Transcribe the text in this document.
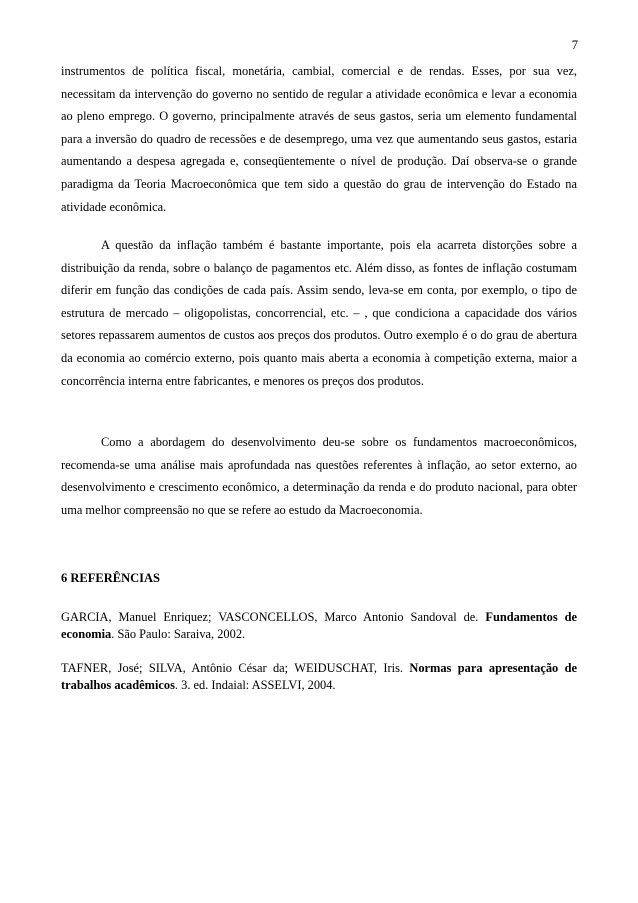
7

instrumentos de política fiscal, monetária, cambial, comercial e de rendas. Esses, por sua vez, necessitam da intervenção do governo no sentido de regular a atividade econômica e levar a economia ao pleno emprego. O governo, principalmente através de seus gastos, seria um elemento fundamental para a inversão do quadro de recessões e de desemprego, uma vez que aumentando seus gastos, estaria aumentando a despesa agregada e, conseqüentemente o nível de produção. Daí observa-se o grande paradigma da Teoria Macroeconômica que tem sido a questão do grau de intervenção do Estado na atividade econômica.

A questão da inflação também é bastante importante, pois ela acarreta distorções sobre a distribuição da renda, sobre o balanço de pagamentos etc. Além disso, as fontes de inflação costumam diferir em função das condições de cada país. Assim sendo, leva-se em conta, por exemplo, o tipo de estrutura de mercado – oligopolistas, concorrencial, etc. – , que condiciona a capacidade dos vários setores repassarem aumentos de custos aos preços dos produtos. Outro exemplo é o do grau de abertura da economia ao comércio externo, pois quanto mais aberta a economia à competição externa, maior a concorrência interna entre fabricantes, e menores os preços dos produtos.

Como a abordagem do desenvolvimento deu-se sobre os fundamentos macroeconômicos, recomenda-se uma análise mais aprofundada nas questões referentes à inflação, ao setor externo, ao desenvolvimento e crescimento econômico, a determinação da renda e do produto nacional, para obter uma melhor compreensão no que se refere ao estudo da Macroeconomia.

6 REFERÊNCIAS

GARCIA, Manuel Enriquez; VASCONCELLOS, Marco Antonio Sandoval de. Fundamentos de economia. São Paulo: Saraiva, 2002.

TAFNER, José; SILVA, Antônio César da; WEIDUSCHAT, Iris. Normas para apresentação de trabalhos acadêmicos. 3. ed. Indaial: ASSELVI, 2004.
